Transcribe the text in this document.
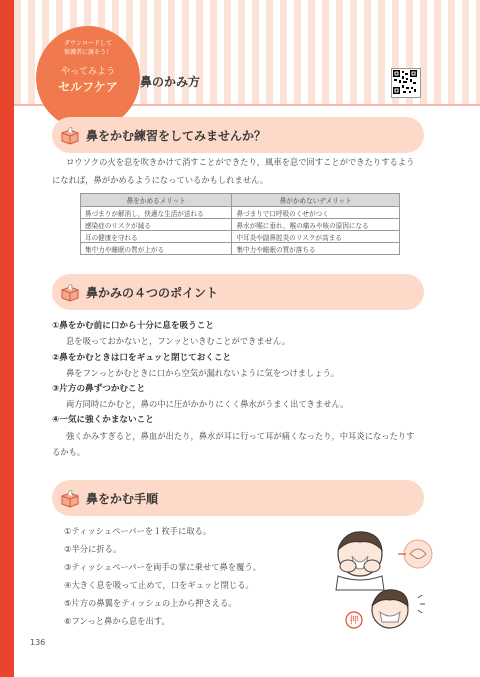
ダウンロードして
保護者に渡そう！
やってみよう
セルフケア	鼻のかみ方
鼻をかむ練習をしてみませんか？
ロウソクの火を息を吹きかけて消すことができたり，風車を息で回すことができたりするよう
になれば，鼻がかめるようになっているかもしれません。
鼻をかめるメリット	鼻がかめないデメリット
鼻づまりが解消し，快適な生活が送れる	鼻づまりで口呼吸のくせがつく
感染症のリスクが減る	鼻水が喉に垂れ，喉の痛みや咳の原因になる
耳の健康を守れる	中耳炎や副鼻腔炎のリスクが高まる
集中力や睡眠の質が上がる	集中力や睡眠の質が落ちる
鼻かみの４つのポイント
①鼻をかむ前に口から十分に息を吸うこと
息を吸っておかないと，フンッといきむことができません。
②鼻をかむときは口をギュッと閉じておくこと
鼻をフンっとかむときに口から空気が漏れないように気をつけましょう。
③片方の鼻ずつかむこと
両方同時にかむと，鼻の中に圧がかかりにくく鼻水がうまく出てきません。
④一気に強くかまないこと
強くかみすぎると，鼻血が出たり，鼻水が耳に行って耳が痛くなったり，中耳炎になったりす
るかも。
鼻をかむ手順
①ティッシュペーパーを１枚手に取る。
②半分に折る。
③ティッシュペーパーを両手の掌に乗せて鼻を覆う。
④大きく息を吸って止めて，口をギュッと閉じる。
⑤片方の鼻翼をティッシュの上から押さえる。
⑥フンっと鼻から息を出す。	押
136
